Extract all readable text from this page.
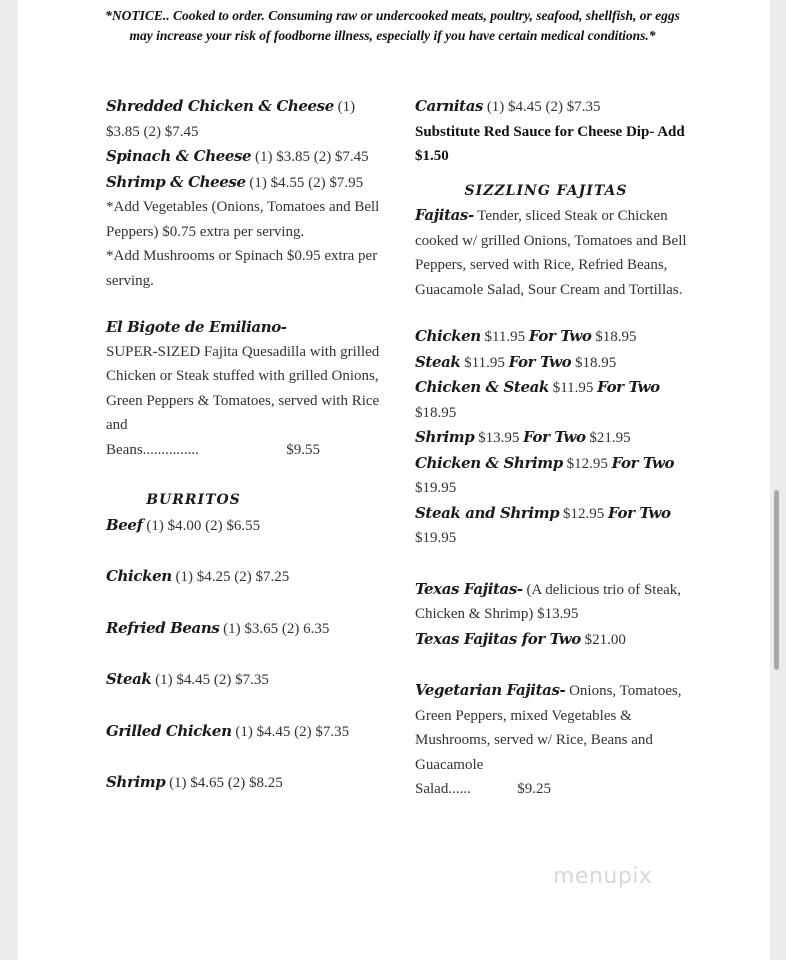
*NOTICE.. Cooked to order. Consuming raw or undercooked meats, poultry, seafood, shellfish, or eggs may increase your risk of foodborne illness, especially if you have certain medical conditions.*
Shredded Chicken & Cheese (1) $3.85 (2) $7.45
Spinach & Cheese (1) $3.85 (2) $7.45
Shrimp & Cheese (1) $4.55 (2) $7.95
*Add Vegetables (Onions, Tomatoes and Bell Peppers) $0.75 extra per serving.
*Add Mushrooms or Spinach $0.95 extra per serving.
El Bigote de Emiliano-
SUPER-SIZED Fajita Quesadilla with grilled Chicken or Steak stuffed with grilled Onions, Green Peppers & Tomatoes, served with Rice and
Beans...............	$9.55
BURRITOS
Beef (1) $4.00 (2) $6.55
Chicken (1) $4.25 (2) $7.25
Refried Beans (1) $3.65 (2) 6.35
Steak (1) $4.45 (2) $7.35
Grilled Chicken (1) $4.45 (2) $7.35
Shrimp (1) $4.65 (2) $8.25
Carnitas (1) $4.45 (2) $7.35
Substitute Red Sauce for Cheese Dip- Add $1.50
SIZZLING FAJITAS
Fajitas- Tender, sliced Steak or Chicken cooked w/ grilled Onions, Tomatoes and Bell Peppers, served with Rice, Refried Beans, Guacamole Salad, Sour Cream and Tortillas.
Chicken $11.95 For Two $18.95
Steak $11.95 For Two $18.95
Chicken & Steak $11.95 For Two
$18.95
Shrimp $13.95 For Two $21.95
Chicken & Shrimp $12.95 For Two
$19.95
Steak and Shrimp $12.95 For Two
$19.95
Texas Fajitas- (A delicious trio of Steak, Chicken & Shrimp) $13.95
Texas Fajitas for Two $21.00
Vegetarian Fajitas- Onions, Tomatoes, Green Peppers, mixed Vegetables & Mushrooms, served w/ Rice, Beans and Guacamole
Salad......	$9.25
menupix
